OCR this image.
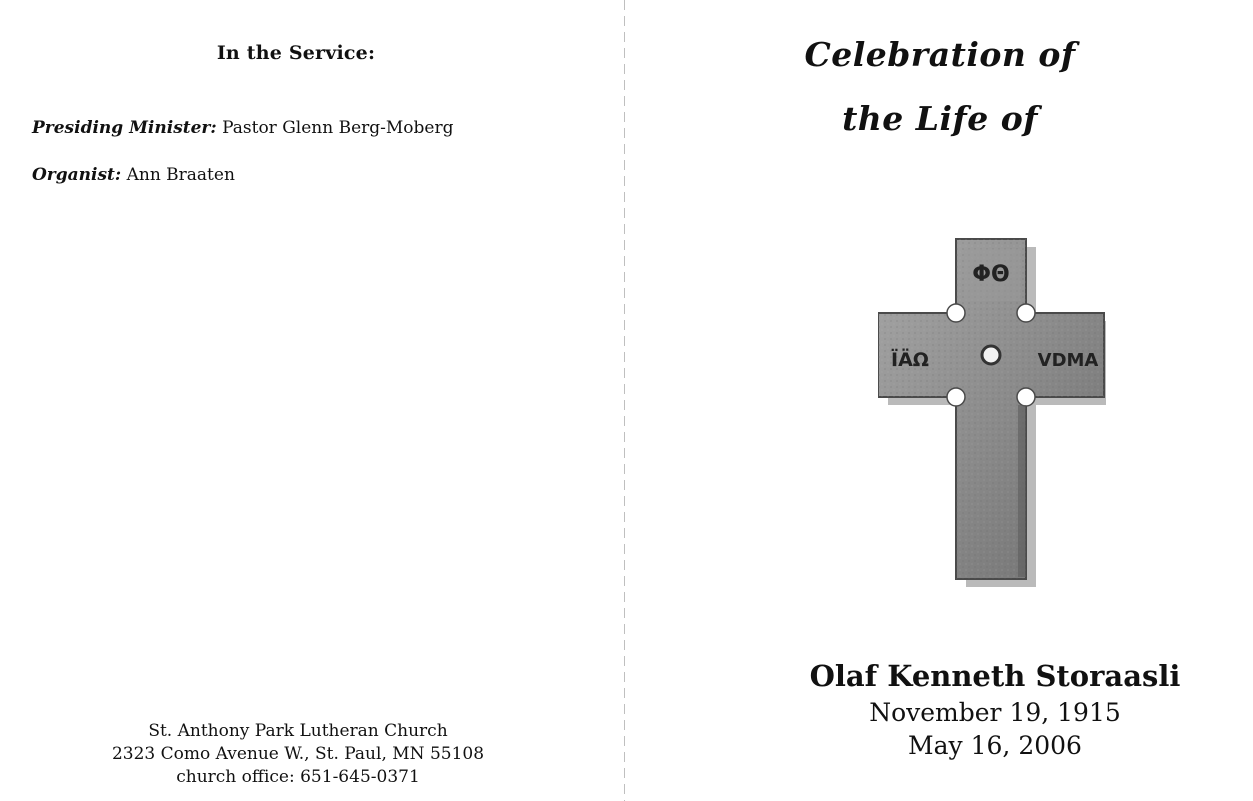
In the Service:
Presiding Minister: Pastor Glenn Berg-Moberg
Organist: Ann Braaten
St. Anthony Park Lutheran Church
2323 Como Avenue W., St. Paul, MN 55108
church office: 651-645-0371
Celebration of
the Life of
ΦΘ
ΪÄΩ	VDMA
Olaf Kenneth Storaasli
November 19, 1915
May 16, 2006
